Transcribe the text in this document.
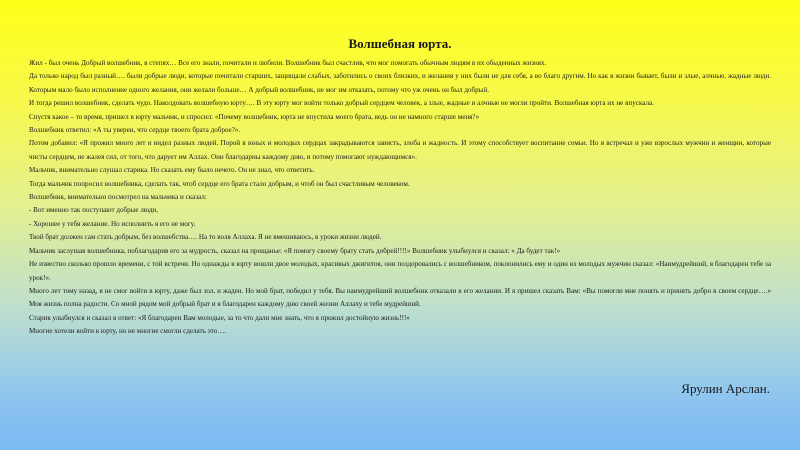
Волшебная юрта.

Жил - был очень Добрый волшебник, в степях… Все его знали, почитали и любили. Волшебник был счастлив, что мог помогать обычным людям в их обыденных жизнях.

Да только народ был разный…. были добрые люди, которые почитали старших, защищали слабых, заботились о своих близких, и желания у них были не для себя, а во благо другим. Но как в жизни бывает, были и злые, алчные, жадные люди. Которым мало было исполнение одного желания, они желали больше… А добрый волшебник, не мог им отказать, потому что уж очень он был добрый.

И тогда решил волшебник, сделать чудо. Наколдовать волшебную юрту…. В эту юрту мог войти только добрый сердцем человек, а злые, жадные и алчные не могли пройти. Волшебная юрта их не впускала.

Спустя какое – то время, пришел в юрту мальчик, и спросил: «Почему волшебник, юрта не впустила моего брата, ведь он не намного старше меня?»

Волшебник ответил: «А ты уверен, что сердце твоего брата доброе?».

Потом добавил: «Я прожил много лет и видел разных людей. Порой в юных и молодых сердцах закрадываются зависть, злоба и жадность. И этому способствует воспитание семьи. Но я встречал и уже взрослых мужчин и женщин, которые чисты сердцем, не жалея сил, от того, что дарует им Аллах. Они благодарны каждому дню, и потому помогают нуждающимся».

Мальчик, внимательно слушал старика. Но сказать ему было нечего. Он не знал, что ответить.

Тогда мальчик попросил волшебника, сделать так, чтоб сердце его брата стало добрым, и чтоб он был счастливым человеком.

Волшебник, внимательно посмотрел на мальчика и сказал:

- Вот именно так поступают добрые люди,

- Хорошее у тебя желание. Но исполнить я его не могу.

Твой брат должен сам стать добрым, без волшебства…. На то воля Аллаха. Я не вмешиваюсь, в уроки жизни людей.

Мальчик заслушав волшебника, поблагодарив его за мудрость, сказал на прощанье: «Я помогу своему брату стать добрей!!!!» Волшебник улыбнулся и сказал: « Да будет так!»

Не известно сколько прошло времени, с той встречи. Но однажды в юрту вошли двое молодых, красивых джигитов, они поздоровались с волшебником, поклонились ему и один из молодых мужчин сказал: «Наимудрейший, я благодарен тебе за урок!».

Много лет тому назад, я не смог войти в юрту, даже был зол, и жаден. Но мой брат, победил у тебя. Вы наимудрейший волшебник отказали в его желании. И я пришел сказать Вам: «Вы помогли мне понять и принять добро в своем сердце….» Моя жизнь полна радости. Со мной рядом мой добрый брат и я благодарен каждому дню своей жизни Аллаху и тебе мудрейший.

Старик улыбнулся и сказал в ответ: «Я благодарен Вам молодые, за то что дали мне знать, что я прожил достойную жизнь!!!»

Многие хотели войти в юрту, но не многие смогли сделать это….

Ярулин Арслан.
